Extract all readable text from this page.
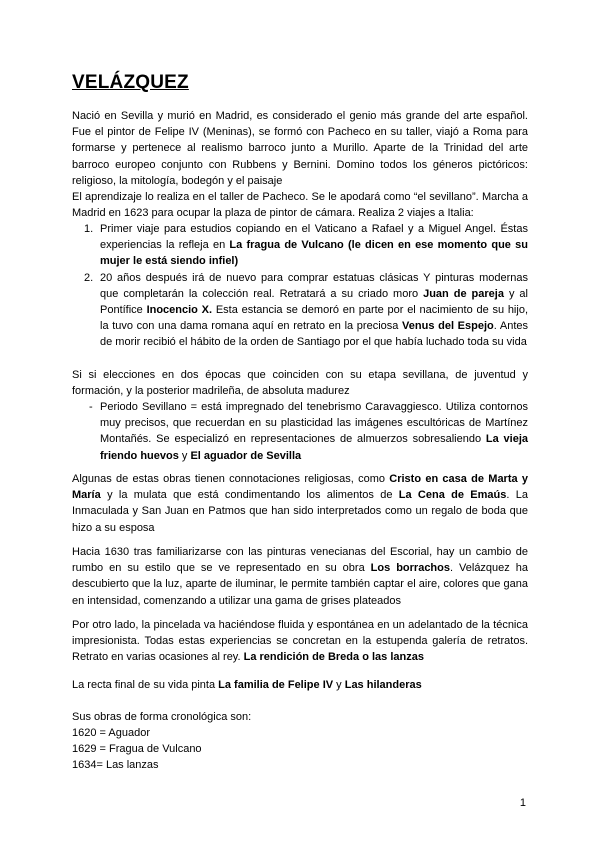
VELÁZQUEZ

Nació en Sevilla y murió en Madrid, es considerado el genio más grande del arte español. Fue el pintor de Felipe IV (Meninas), se formó con Pacheco en su taller, viajó a Roma para formarse y pertenece al realismo barroco junto a Murillo. Aparte de la Trinidad del arte barroco europeo conjunto con Rubbens y Bernini. Domino todos los géneros pictóricos: religioso, la mitología, bodegón y el paisaje

El aprendizaje lo realiza en el taller de Pacheco. Se le apodará como “el sevillano”. Marcha a Madrid en 1623 para ocupar la plaza de pintor de cámara. Realiza 2 viajes a Italia:

1. Primer viaje para estudios copiando en el Vaticano a Rafael y a Miguel Angel. Éstas experiencias la refleja en La fragua de Vulcano (le dicen en ese momento que su mujer le está siendo infiel)
2. 20 años después irá de nuevo para comprar estatuas clásicas Y pinturas modernas que completarán la colección real. Retratará a su criado moro Juan de pareja y al Pontífice Inocencio X. Esta estancia se demoró en parte por el nacimiento de su hijo, la tuvo con una dama romana aquí en retrato en la preciosa Venus del Espejo. Antes de morir recibió el hábito de la orden de Santiago por el que había luchado toda su vida

Si si elecciones en dos épocas que coinciden con su etapa sevillana, de juventud y formación, y la posterior madrileña, de absoluta madurez

- Periodo Sevillano = está impregnado del tenebrismo Caravaggiesco. Utiliza contornos muy precisos, que recuerdan en su plasticidad las imágenes escultóricas de Martínez Montañés. Se especializó en representaciones de almuerzos sobresaliendo La vieja friendo huevos y El aguador de Sevilla

Algunas de estas obras tienen connotaciones religiosas, como Cristo en casa de Marta y María y la mulata que está condimentando los alimentos de La Cena de Emaús. La Inmaculada y San Juan en Patmos que han sido interpretados como un regalo de boda que hizo a su esposa

Hacia 1630 tras familiarizarse con las pinturas venecianas del Escorial, hay un cambio de rumbo en su estilo que se ve representado en su obra Los borrachos. Velázquez ha descubierto que la luz, aparte de iluminar, le permite también captar el aire, colores que gana en intensidad, comenzando a utilizar una gama de grises plateados

Por otro lado, la pincelada va haciéndose fluida y espontánea en un adelantado de la técnica impresionista. Todas estas experiencias se concretan en la estupenda galería de retratos. Retrato en varias ocasiones al rey. La rendición de Breda o las lanzas

La recta final de su vida pinta La familia de Felipe IV y Las hilanderas

Sus obras de forma cronológica son:

1620 = Aguador

1629 = Fragua de Vulcano

1634= Las lanzas

1
